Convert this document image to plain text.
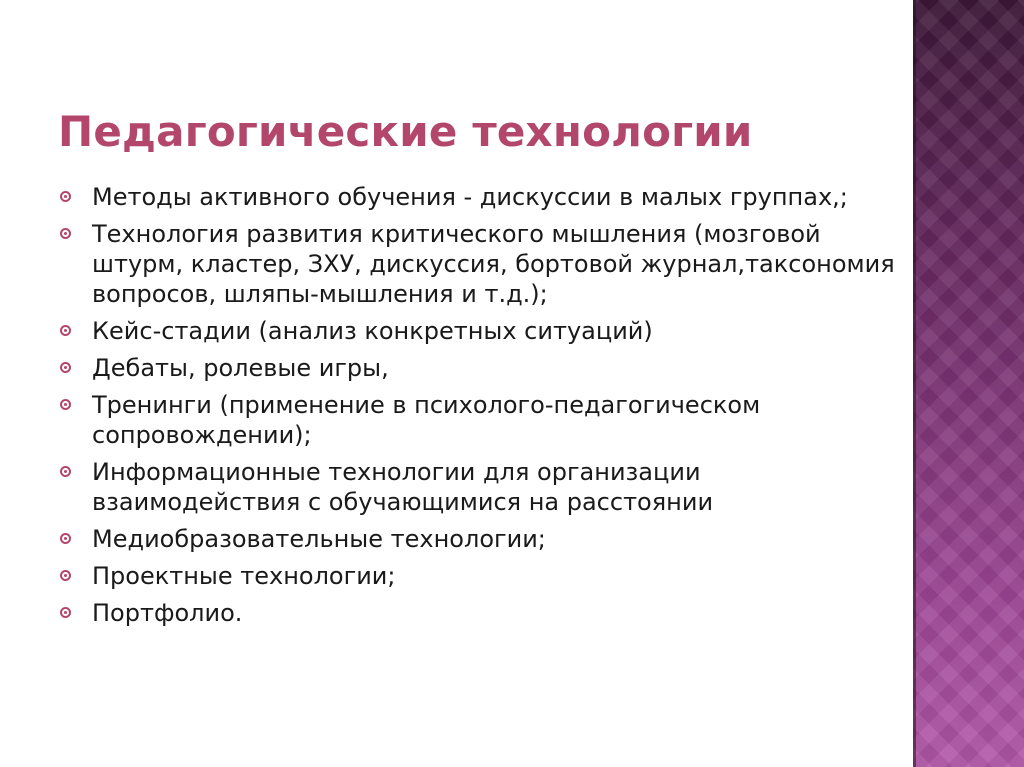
Педагогические технологии
Методы активного обучения - дискуссии в малых группах,;
Технология развития критического мышления (мозговой штурм, кластер, ЗХУ, дискуссия, бортовой журнал,таксономия вопросов, шляпы-мышления и т.д.);
Кейс-стадии (анализ конкретных ситуаций)
Дебаты, ролевые игры,
Тренинги (применение в психолого-педагогическом сопровождении);
Информационные технологии для организации взаимодействия с обучающимися на расстоянии
Медиобразовательные технологии;
Проектные технологии;
Портфолио.
